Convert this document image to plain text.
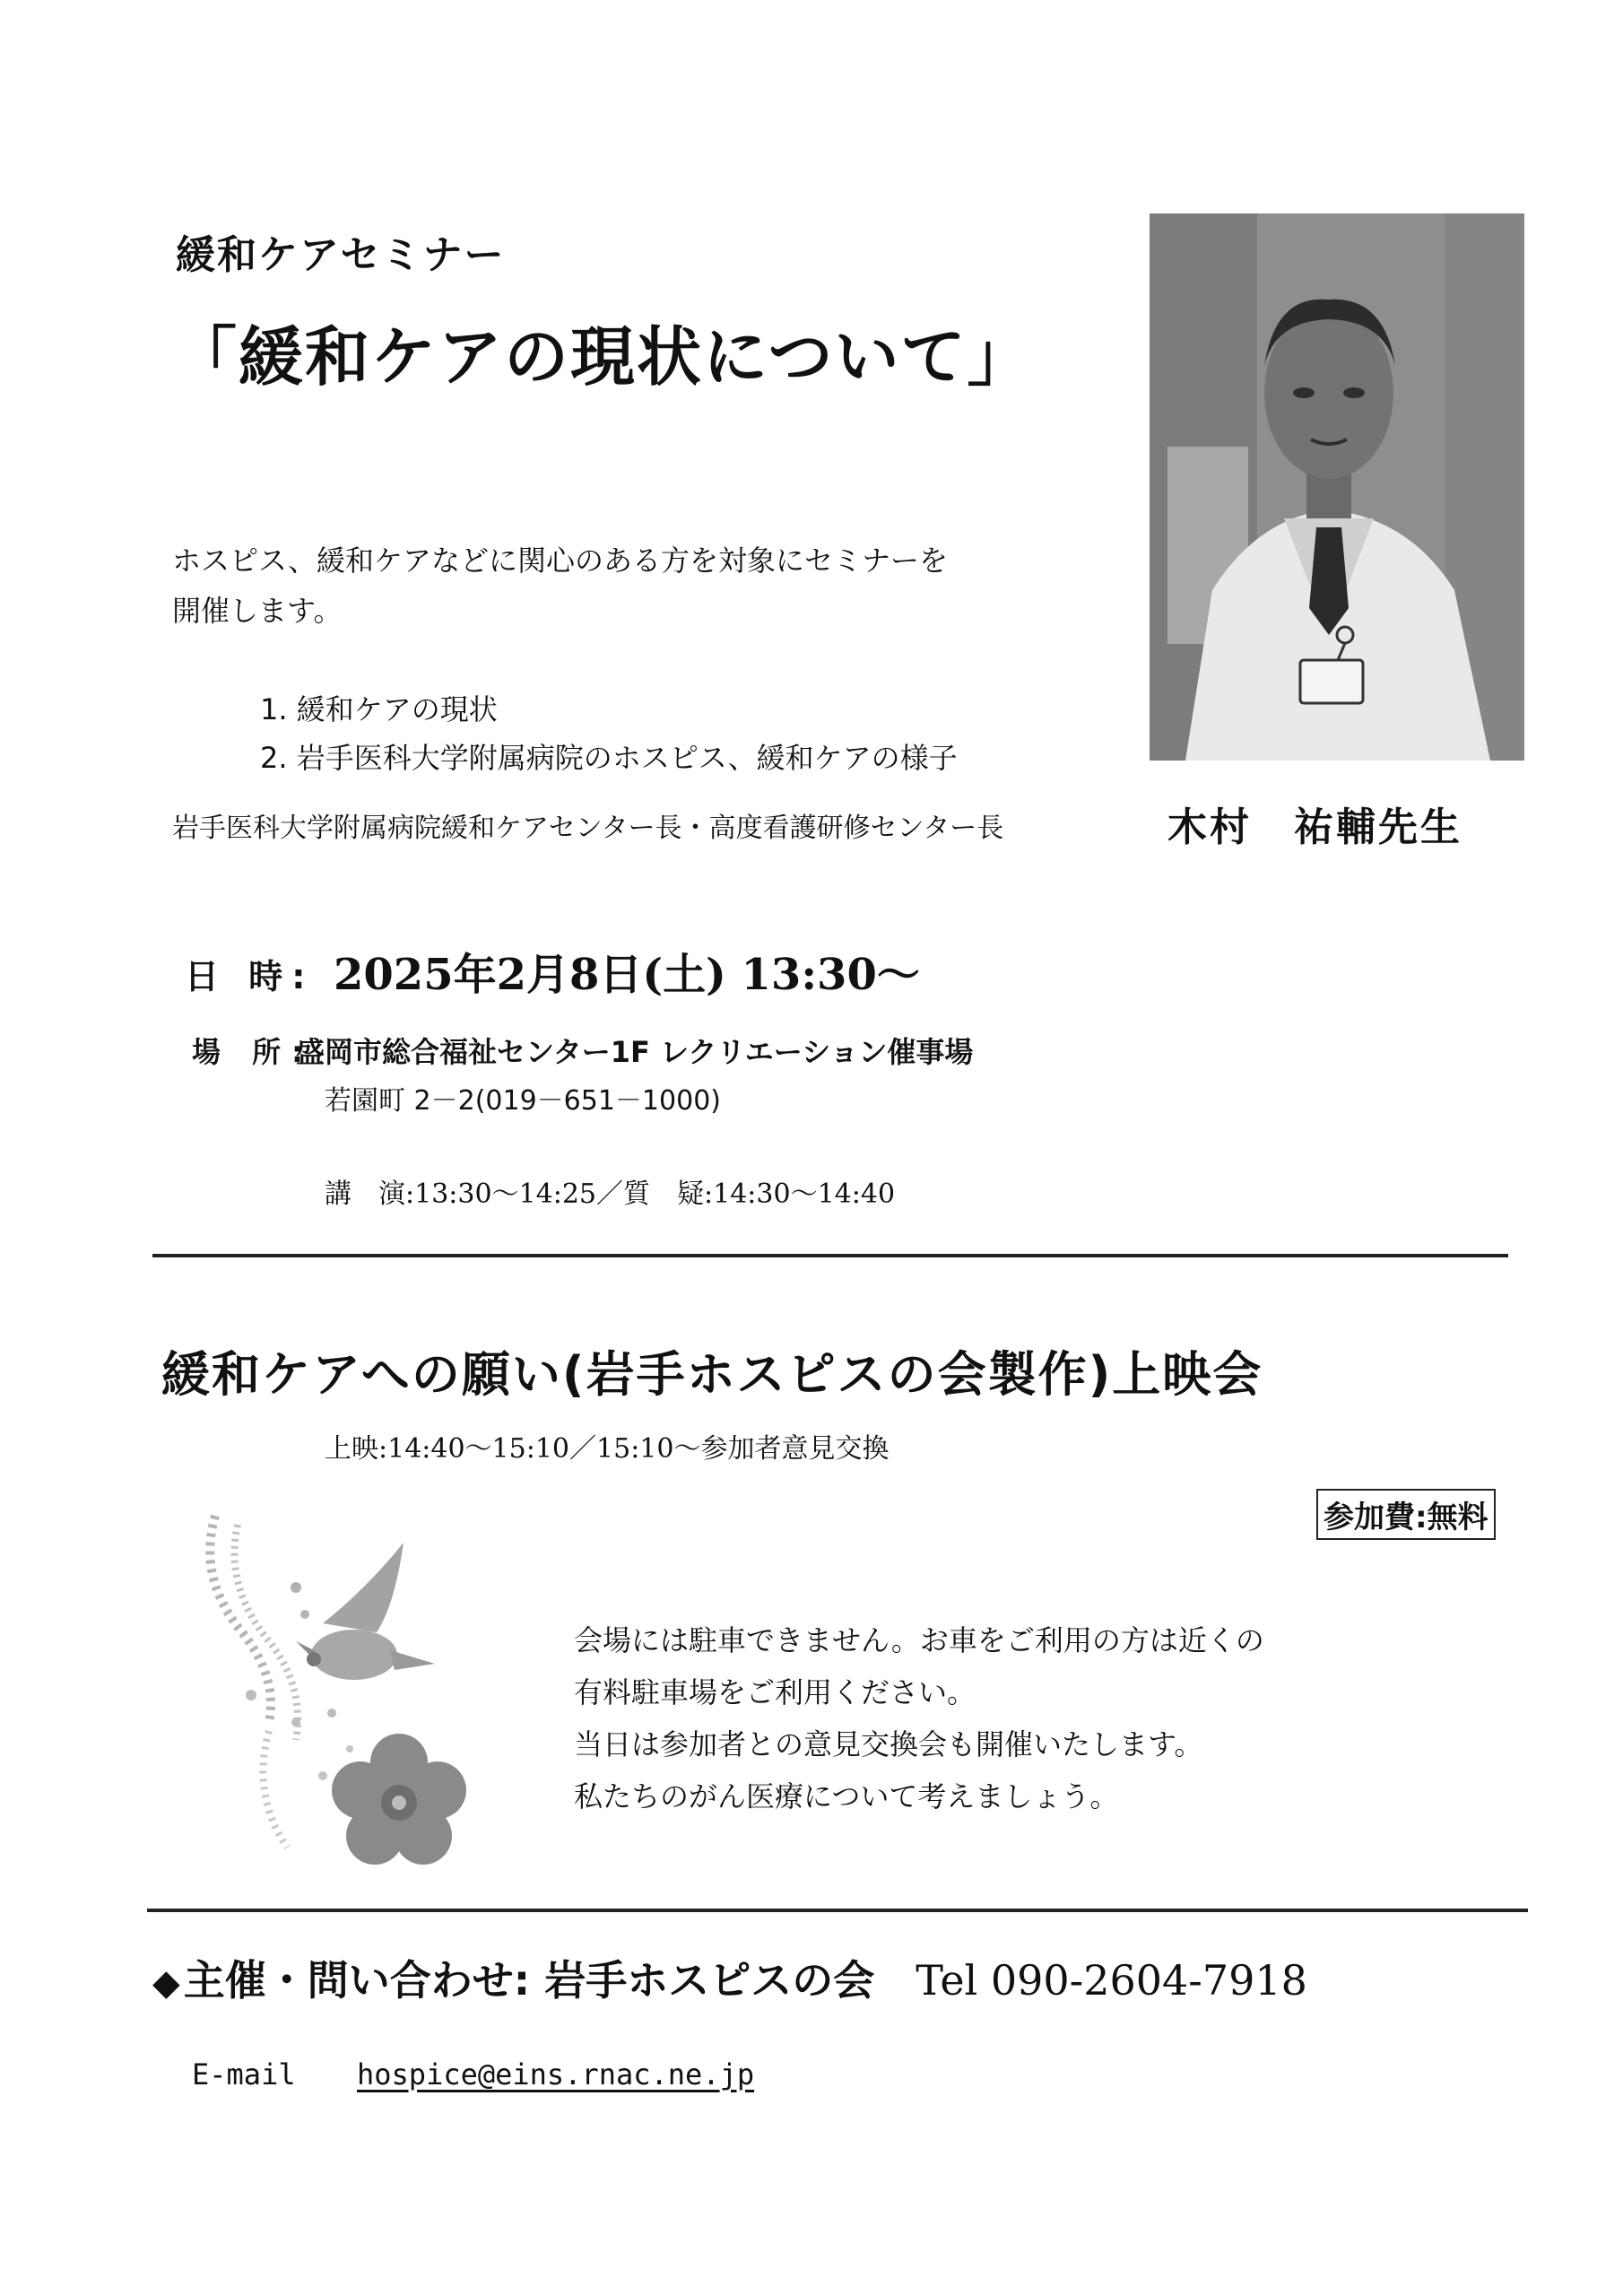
緩和ケアセミナー
「緩和ケアの現状について」
ホスピス、緩和ケアなどに関心のある方を対象にセミナーを
開催します。
1. 緩和ケアの現状
2. 岩手医科大学附属病院のホスピス、緩和ケアの様子
岩手医科大学附属病院緩和ケアセンター長・高度看護研修センター長	木村　祐輔先生
日 時: 2025年2月8日(土) 13:30～
場 所:
盛岡市総合福祉センター1F レクリエーション催事場
若園町 2－2(019－651－1000)
講　演:13:30～14:25／質　疑:14:30～14:40
緩和ケアへの願い(岩手ホスピスの会製作)上映会
上映:14:40～15:10／15:10～参加者意見交換
参加費:無料
会場には駐車できません。お車をご利用の方は近くの
有料駐車場をご利用ください。
当日は参加者との意見交換会も開催いたします。
私たちのがん医療について考えましょう。
◆主催・問い合わせ: 岩手ホスピスの会 Tel 090-2604-7918
E-mail hospice@eins.rnac.ne.jp
